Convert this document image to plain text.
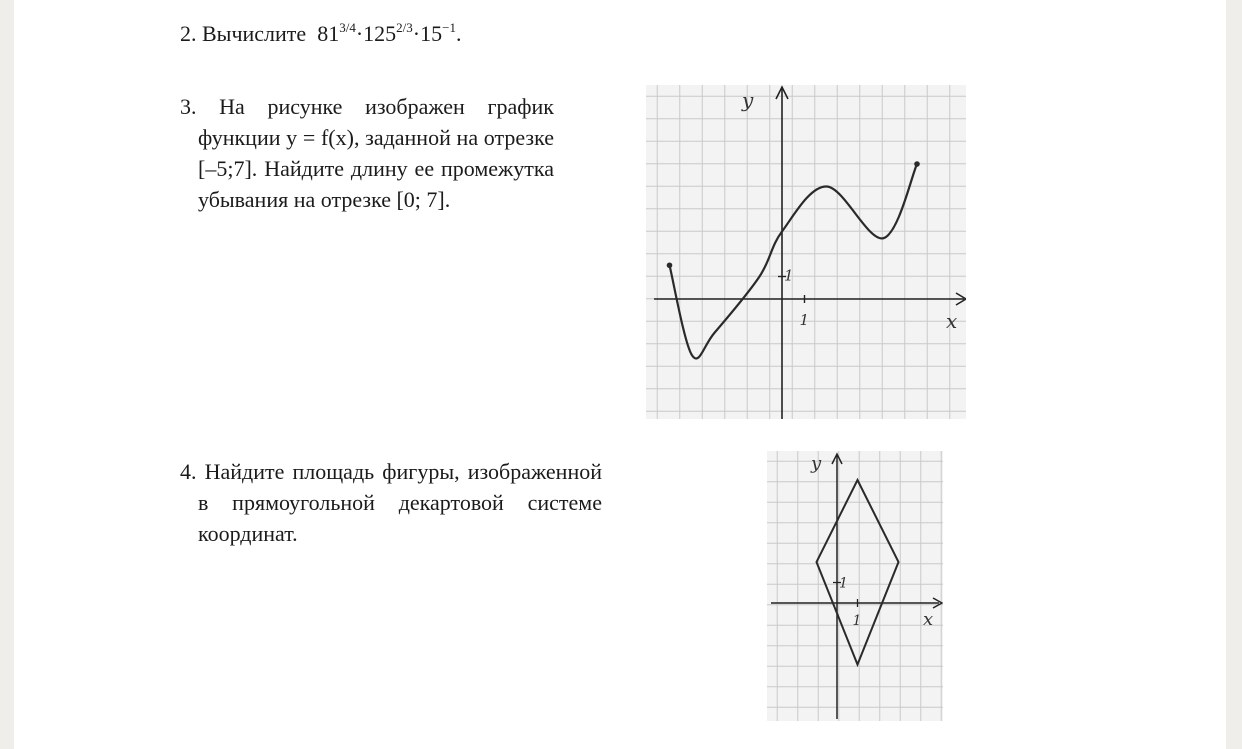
2. Вычислите $81^{3/4}\cdot 125^{2/3}\cdot 15^{-1}$.
3. На рисунке изображен график
функции y = f(x), заданной на отрезке
[–5;7]. Найдите длину ее промежутка
убывания на отрезке [0; 7].
1
1
x
y
4. Найдите площадь фигуры, изображенной
в прямоугольной декартовой системе
координат.
1
1
x
y
